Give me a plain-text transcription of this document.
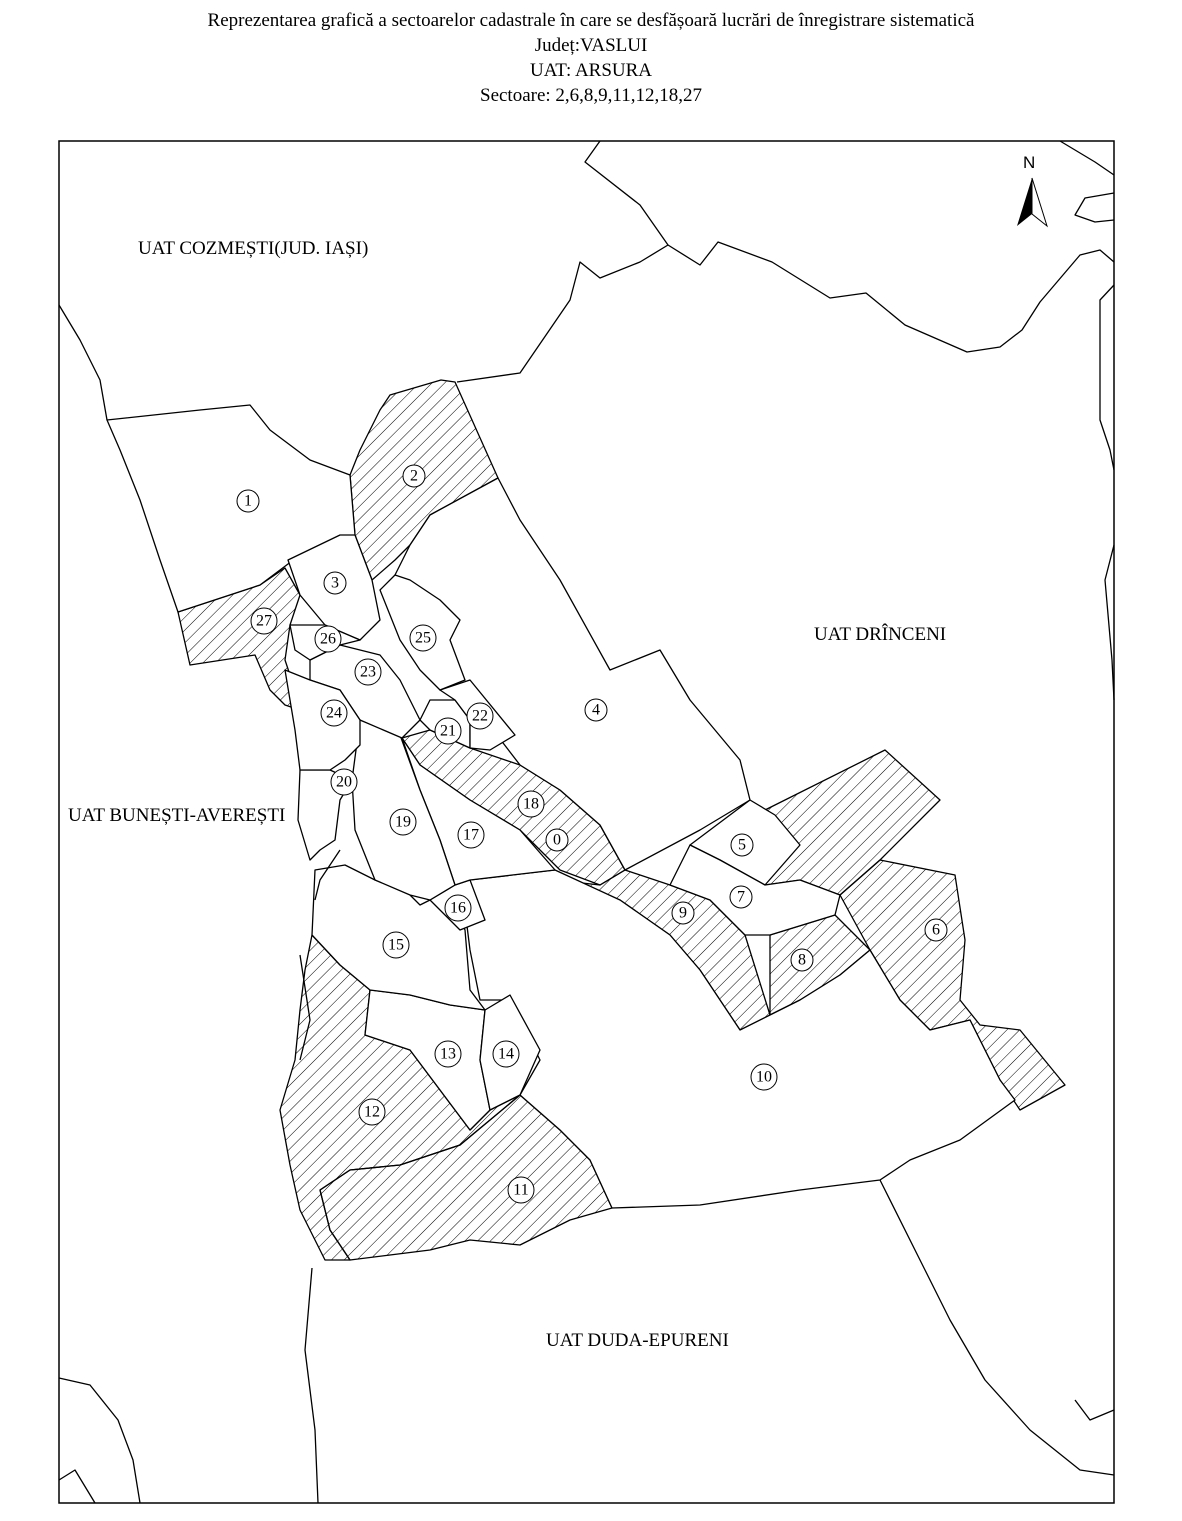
Reprezentarea grafică a sectoarelor cadastrale în care se desfășoară lucrări de înregistrare sistematică
Județ:VASLUI
UAT: ARSURA
Sectoare: 2,6,8,9,11,12,18,27
UAT COZMEȘTI(JUD. IAȘI)
UAT DRÎNCENI
UAT BUNEȘTI-AVEREȘTI
UAT DUDA-EPURENI
N
0
1
2
3
4
5
6
7
8
9
10
11
12
13	14
15
16
17
18
19
20
21
22
23
24
25
26
27
